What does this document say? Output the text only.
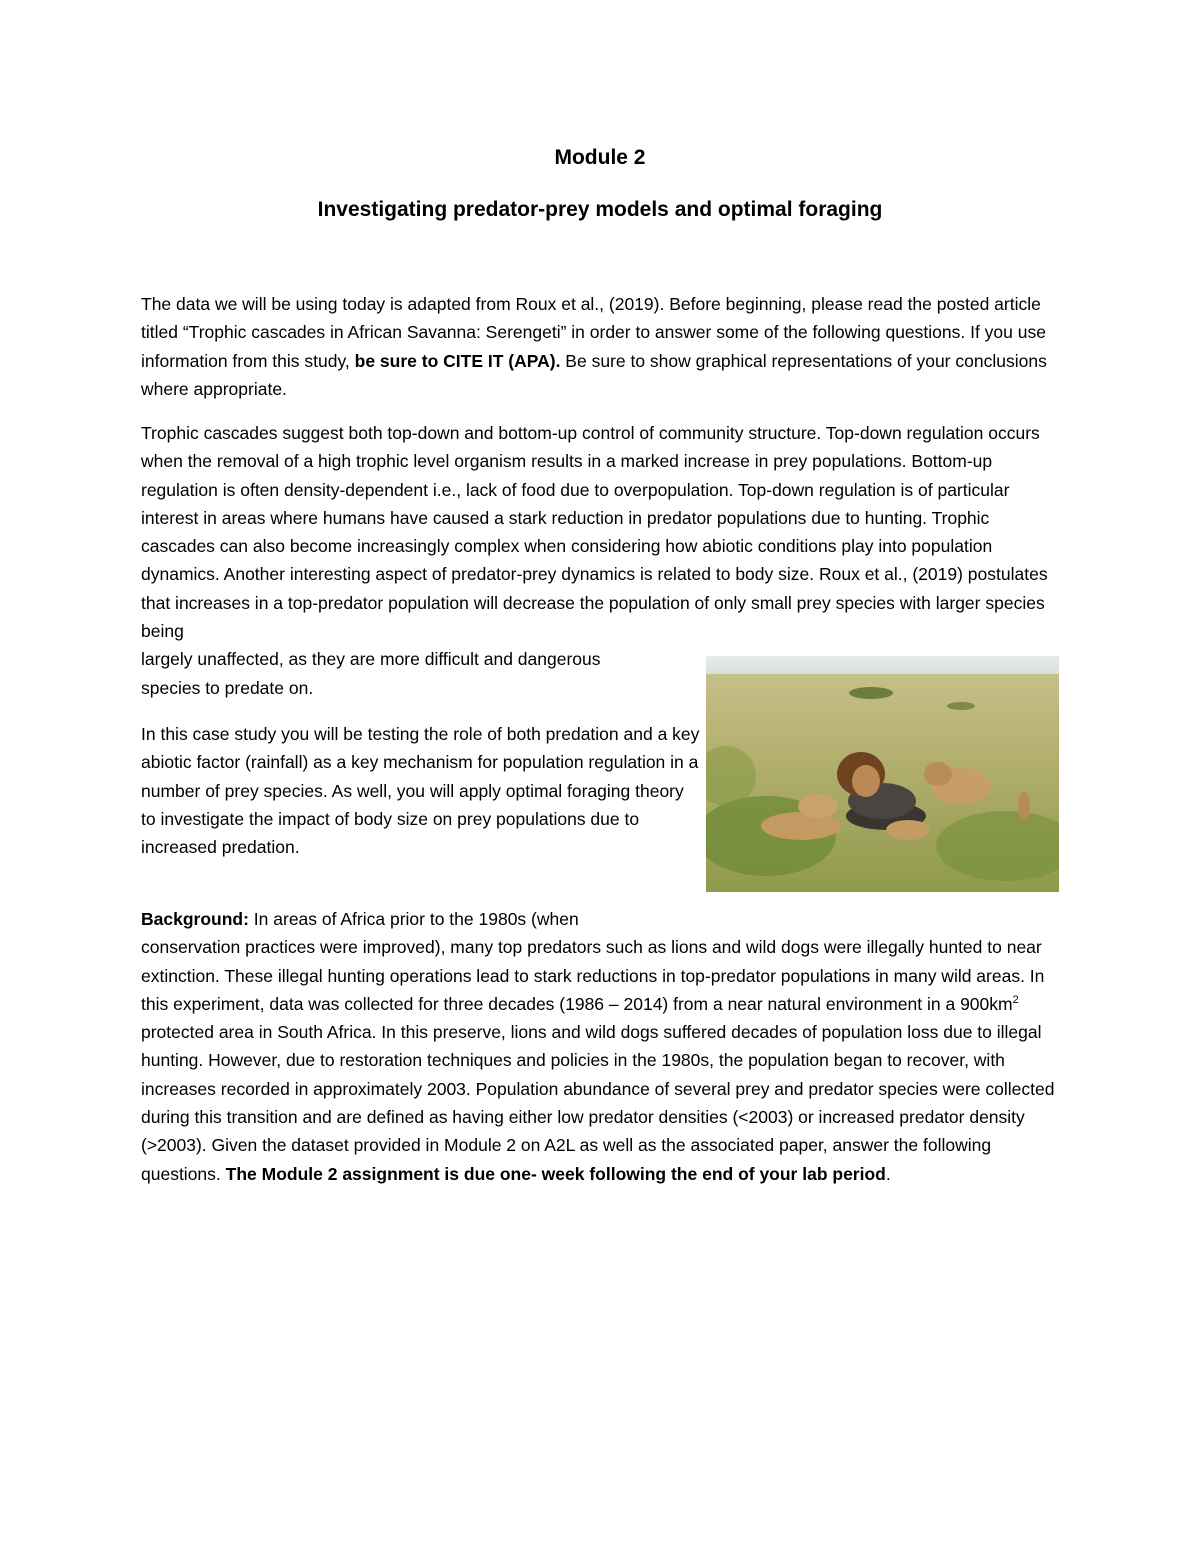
Module 2
Investigating predator-prey models and optimal foraging

The data we will be using today is adapted from Roux et al., (2019). Before beginning, please read the posted article titled “Trophic cascades in African Savanna: Serengeti” in order to answer some of the following questions. If you use information from this study, be sure to CITE IT (APA). Be sure to show graphical representations of your conclusions where appropriate.

Trophic cascades suggest both top-down and bottom-up control of community structure. Top-down regulation occurs when the removal of a high trophic level organism results in a marked increase in prey populations. Bottom-up regulation is often density-dependent i.e., lack of food due to overpopulation. Top-down regulation is of particular interest in areas where humans have caused a stark reduction in predator populations due to hunting. Trophic cascades can also become increasingly complex when considering how abiotic conditions play into population dynamics. Another interesting aspect of predator-prey dynamics is related to body size. Roux et al., (2019) postulates that increases in a top-predator population will decrease the population of only small prey species with larger species being
largely unaffected, as they are more difficult and dangerous
species to predate on.

In this case study you will be testing the role of both predation and a key abiotic factor (rainfall) as a key mechanism for population regulation in a number of prey species. As well, you will apply optimal foraging theory to investigate the impact of body size on prey populations due to increased predation.

Background: In areas of Africa prior to the 1980s (when
conservation practices were improved), many top predators such as lions and wild dogs were illegally hunted to near extinction. These illegal hunting operations lead to stark reductions in top-predator populations in many wild areas. In this experiment, data was collected for three decades (1986 – 2014) from a near natural environment in a $900km^2$ protected area in South Africa. In this preserve, lions and wild dogs suffered decades of population loss due to illegal hunting. However, due to restoration techniques and policies in the 1980s, the population began to recover, with increases recorded in approximately 2003. Population abundance of several prey and predator species were collected during this transition and are defined as having either low predator densities (<2003) or increased predator density (>2003). Given the dataset provided in Module 2 on A2L as well as the associated paper, answer the following questions. The Module 2 assignment is due one- week following the end of your lab period.
